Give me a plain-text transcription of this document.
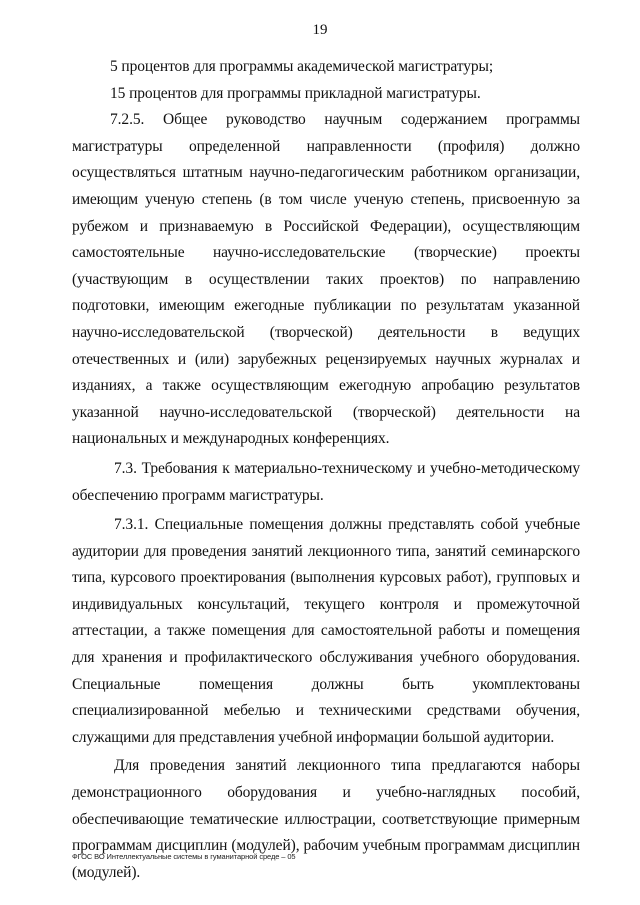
19

5 процентов для программы академической магистратуры;

15 процентов для программы прикладной магистратуры.

7.2.5. Общее руководство научным содержанием программы магистратуры определенной направленности (профиля) должно осуществляться штатным научно-педагогическим работником организации, имеющим ученую степень (в том числе ученую степень, присвоенную за рубежом и признаваемую в Российской Федерации), осуществляющим самостоятельные научно-исследовательские (творческие) проекты (участвующим в осуществлении таких проектов) по направлению подготовки, имеющим ежегодные публикации по результатам указанной научно-исследовательской (творческой) деятельности в ведущих отечественных и (или) зарубежных рецензируемых научных журналах и изданиях, а также осуществляющим ежегодную апробацию результатов указанной научно-исследовательской (творческой) деятельности на национальных и международных конференциях.

7.3. Требования к материально-техническому и учебно-методическому обеспечению программ магистратуры.

7.3.1. Специальные помещения должны представлять собой учебные аудитории для проведения занятий лекционного типа, занятий семинарского типа, курсового проектирования (выполнения курсовых работ), групповых и индивидуальных консультаций, текущего контроля и промежуточной аттестации, а также помещения для самостоятельной работы и помещения для хранения и профилактического обслуживания учебного оборудования. Специальные помещения должны быть укомплектованы специализированной мебелью и техническими средствами обучения, служащими для представления учебной информации большой аудитории.

Для проведения занятий лекционного типа предлагаются наборы демонстрационного оборудования и учебно-наглядных пособий, обеспечивающие тематические иллюстрации, соответствующие примерным программам дисциплин (модулей), рабочим учебным программам дисциплин (модулей).

ФГОС ВО Интеллектуальные системы в гуманитарной среде – 05
